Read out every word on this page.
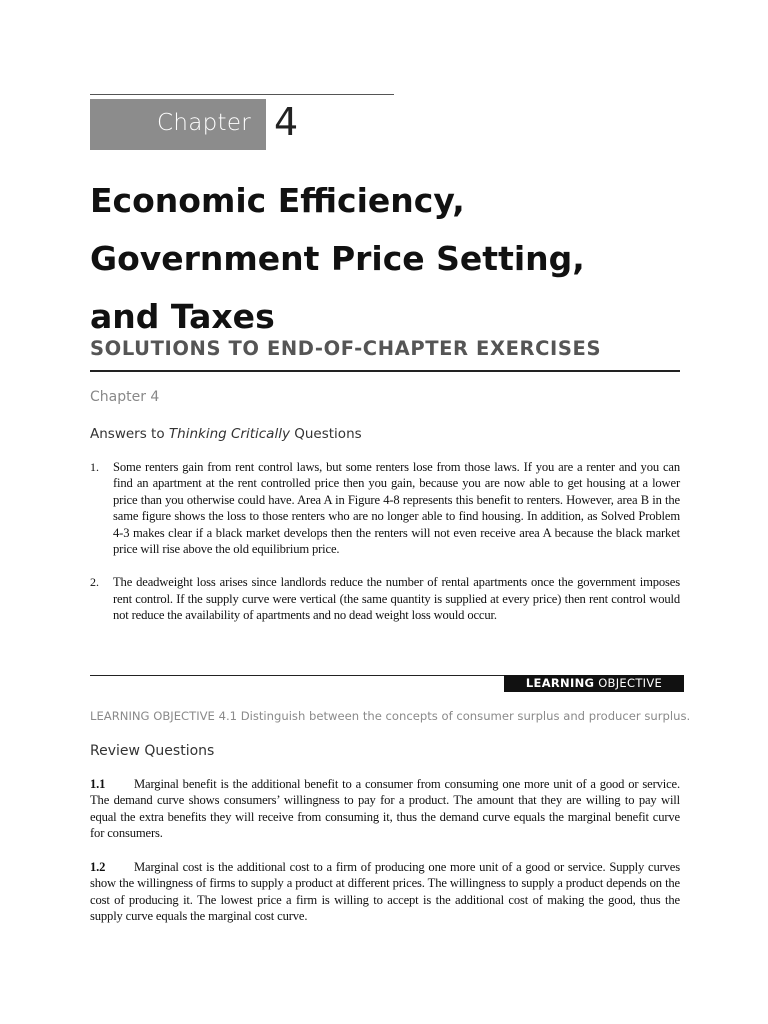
Chapter 4
Economic Efficiency,
Government Price Setting,
and Taxes
SOLUTIONS TO END-OF-CHAPTER EXERCISES
Chapter 4
Answers to Thinking Critically Questions
1. Some renters gain from rent control laws, but some renters lose from those laws. If you are a renter and you can find an apartment at the rent controlled price then you gain, because you are now able to get housing at a lower price than you otherwise could have. Area A in Figure 4-8 represents this benefit to renters. However, area B in the same figure shows the loss to those renters who are no longer able to find housing. In addition, as Solved Problem 4-3 makes clear if a black market develops then the renters will not even receive area A because the black market price will rise above the old equilibrium price.
2. The deadweight loss arises since landlords reduce the number of rental apartments once the government imposes rent control. If the supply curve were vertical (the same quantity is supplied at every price) then rent control would not reduce the availability of apartments and no dead weight loss would occur.
LEARNING OBJECTIVE
LEARNING OBJECTIVE 4.1 Distinguish between the concepts of consumer surplus and producer surplus.
Review Questions

1.1 Marginal benefit is the additional benefit to a consumer from consuming one more unit of a good or service. The demand curve shows consumers’ willingness to pay for a product. The amount that they are willing to pay will equal the extra benefits they will receive from consuming it, thus the demand curve equals the marginal benefit curve for consumers.

1.2 Marginal cost is the additional cost to a firm of producing one more unit of a good or service. Supply curves show the willingness of firms to supply a product at different prices. The willingness to supply a product depends on the cost of producing it. The lowest price a firm is willing to accept is the additional cost of making the good, thus the supply curve equals the marginal cost curve.
